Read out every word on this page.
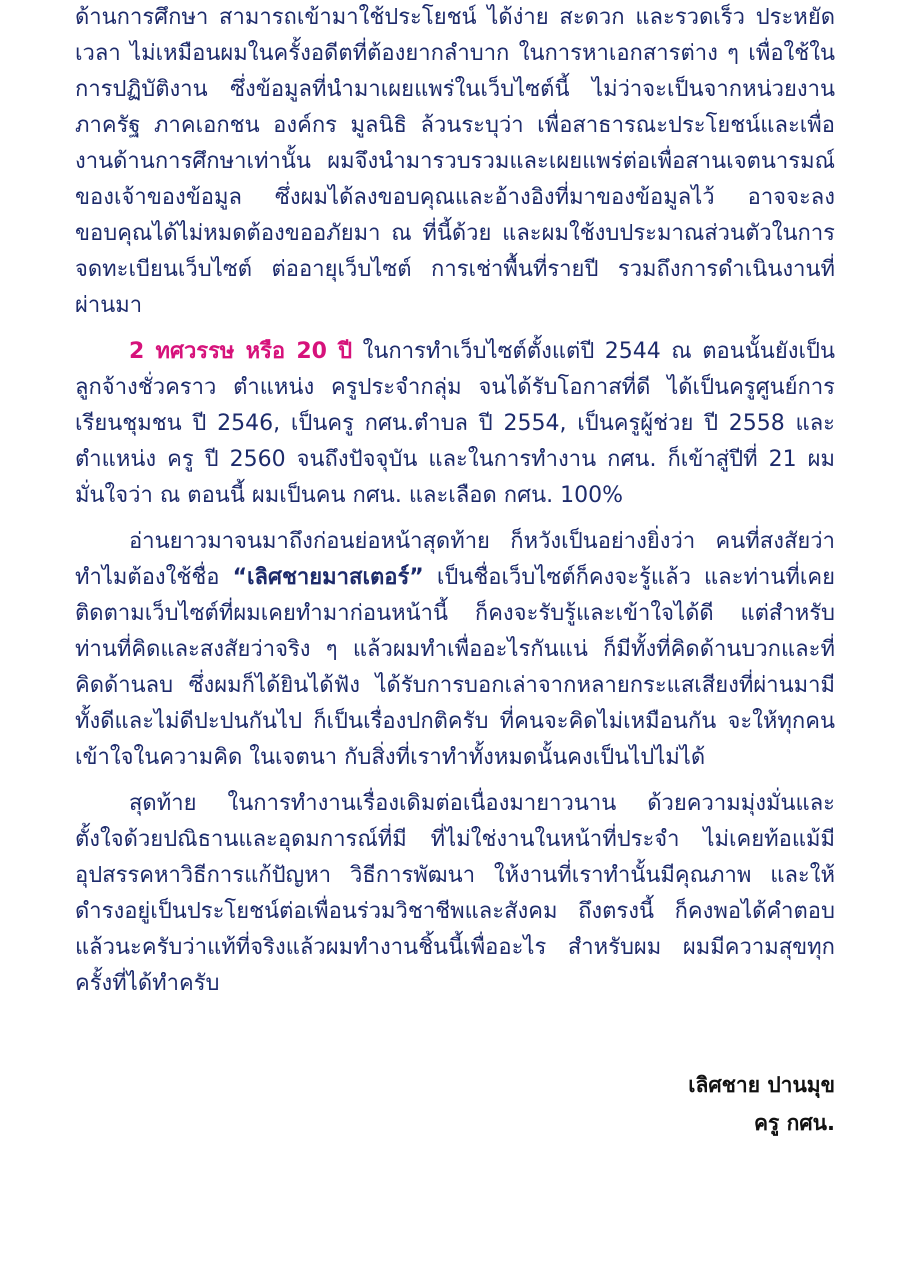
ด้านการศึกษา สามารถเข้ามาใช้ประโยชน์ ได้ง่าย สะดวก และรวดเร็ว ประหยัดเวลา ไม่เหมือนผมในครั้งอดีตที่ต้องยากลำบาก ในการหาเอกสารต่าง ๆ เพื่อใช้ในการปฏิบัติงาน ซึ่งข้อมูลที่นำมาเผยแพร่ในเว็บไซต์นี้ ไม่ว่าจะเป็นจากหน่วยงานภาครัฐ ภาคเอกชน องค์กร มูลนิธิ ล้วนระบุว่า เพื่อสาธารณะประโยชน์และเพื่องานด้านการศึกษาเท่านั้น ผมจึงนำมารวบรวมและเผยแพร่ต่อเพื่อสานเจตนารมณ์ของเจ้าของข้อมูล ซึ่งผมได้ลงขอบคุณและอ้างอิงที่มาของข้อมูลไว้ อาจจะลงขอบคุณได้ไม่หมดต้องขออภัยมา ณ ที่นี้ด้วย และผมใช้งบประมาณส่วนตัวในการจดทะเบียนเว็บไซต์ ต่ออายุเว็บไซต์ การเช่าพื้นที่รายปี รวมถึงการดำเนินงานที่ผ่านมา

2 ทศวรรษ หรือ 20 ปี ในการทำเว็บไซต์ตั้งแต่ปี 2544 ณ ตอนนั้นยังเป็นลูกจ้างชั่วคราว ตำแหน่ง ครูประจำกลุ่ม จนได้รับโอกาสที่ดี ได้เป็นครูศูนย์การเรียนชุมชน ปี 2546, เป็นครู กศน.ตำบล ปี 2554, เป็นครูผู้ช่วย ปี 2558 และตำแหน่ง ครู ปี 2560 จนถึงปัจจุบัน และในการทำงาน กศน. ก็เข้าสู่ปีที่ 21 ผมมั่นใจว่า ณ ตอนนี้ ผมเป็นคน กศน. และเลือด กศน. 100%

อ่านยาวมาจนมาถึงก่อนย่อหน้าสุดท้าย ก็หวังเป็นอย่างยิ่งว่า คนที่สงสัยว่าทำไมต้องใช้ชื่อ “เลิศชายมาสเตอร์” เป็นชื่อเว็บไซต์ก็คงจะรู้แล้ว และท่านที่เคยติดตามเว็บไซต์ที่ผมเคยทำมาก่อนหน้านี้ ก็คงจะรับรู้และเข้าใจได้ดี แต่สำหรับท่านที่คิดและสงสัยว่าจริง ๆ แล้วผมทำเพื่ออะไรกันแน่ ก็มีทั้งที่คิดด้านบวกและที่คิดด้านลบ ซึ่งผมก็ได้ยินได้ฟัง ได้รับการบอกเล่าจากหลายกระแสเสียงที่ผ่านมามีทั้งดีและไม่ดีปะปนกันไป ก็เป็นเรื่องปกติครับ ที่คนจะคิดไม่เหมือนกัน จะให้ทุกคนเข้าใจในความคิด ในเจตนา กับสิ่งที่เราทำทั้งหมดนั้นคงเป็นไปไม่ได้

สุดท้าย ในการทำงานเรื่องเดิมต่อเนื่องมายาวนาน ด้วยความมุ่งมั่นและตั้งใจด้วยปณิธานและอุดมการณ์ที่มี ที่ไม่ใช่งานในหน้าที่ประจำ ไม่เคยท้อแม้มีอุปสรรคหาวิธีการแก้ปัญหา วิธีการพัฒนา ให้งานที่เราทำนั้นมีคุณภาพ และให้ดำรงอยู่เป็นประโยชน์ต่อเพื่อนร่วมวิชาชีพและสังคม ถึงตรงนี้ ก็คงพอได้คำตอบแล้วนะครับว่าแท้ที่จริงแล้วผมทำงานชิ้นนี้เพื่ออะไร สำหรับผม ผมมีความสุขทุกครั้งที่ได้ทำครับ

เลิศชาย ปานมุข
ครู กศน.
